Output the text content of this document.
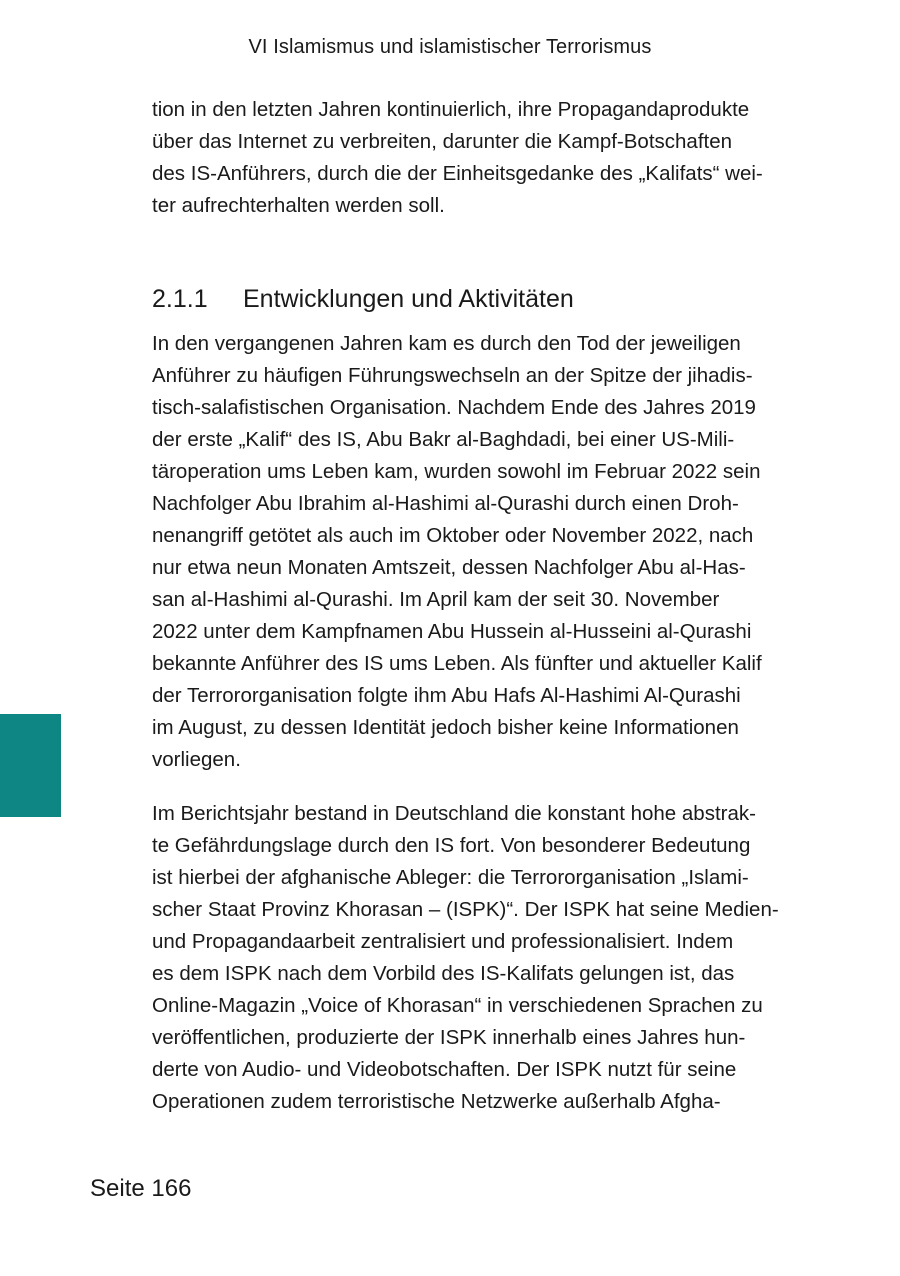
VI Islamismus und islamistischer Terrorismus
tion in den letzten Jahren kontinuierlich, ihre Propagandaprodukte
über das Internet zu verbreiten, darunter die Kampf-Botschaften
des IS-Anführers, durch die der Einheitsgedanke des „Kalifats“ wei-
ter aufrechterhalten werden soll.
2.1.1	Entwicklungen und Aktivitäten
In den vergangenen Jahren kam es durch den Tod der jeweiligen
Anführer zu häufigen Führungswechseln an der Spitze der jihadis-
tisch-salafistischen Organisation. Nachdem Ende des Jahres 2019
der erste „Kalif“ des IS, Abu Bakr al-Baghdadi, bei einer US-Mili-
täroperation ums Leben kam, wurden sowohl im Februar 2022 sein
Nachfolger Abu Ibrahim al-Hashimi al-Qurashi durch einen Droh-
nenangriff getötet als auch im Oktober oder November 2022, nach
nur etwa neun Monaten Amtszeit, dessen Nachfolger Abu al-Has-
san al-Hashimi al-Qurashi. Im April kam der seit 30. November
2022 unter dem Kampfnamen Abu Hussein al-Husseini al-Qurashi
bekannte Anführer des IS ums Leben. Als fünfter und aktueller Kalif
der Terrororganisation folgte ihm Abu Hafs Al-Hashimi Al-Qurashi
im August, zu dessen Identität jedoch bisher keine Informationen
vorliegen.
Im Berichtsjahr bestand in Deutschland die konstant hohe abstrak-
te Gefährdungslage durch den IS fort. Von besonderer Bedeutung
ist hierbei der afghanische Ableger: die Terrororganisation „Islami-
scher Staat Provinz Khorasan – (ISPK)“. Der ISPK hat seine Medien-
und Propagandaarbeit zentralisiert und professionalisiert. Indem
es dem ISPK nach dem Vorbild des IS-Kalifats gelungen ist, das
Online-Magazin „Voice of Khorasan“ in verschiedenen Sprachen zu
veröffentlichen, produzierte der ISPK innerhalb eines Jahres hun-
derte von Audio- und Videobotschaften. Der ISPK nutzt für seine
Operationen zudem terroristische Netzwerke außerhalb Afgha-
Seite 166
